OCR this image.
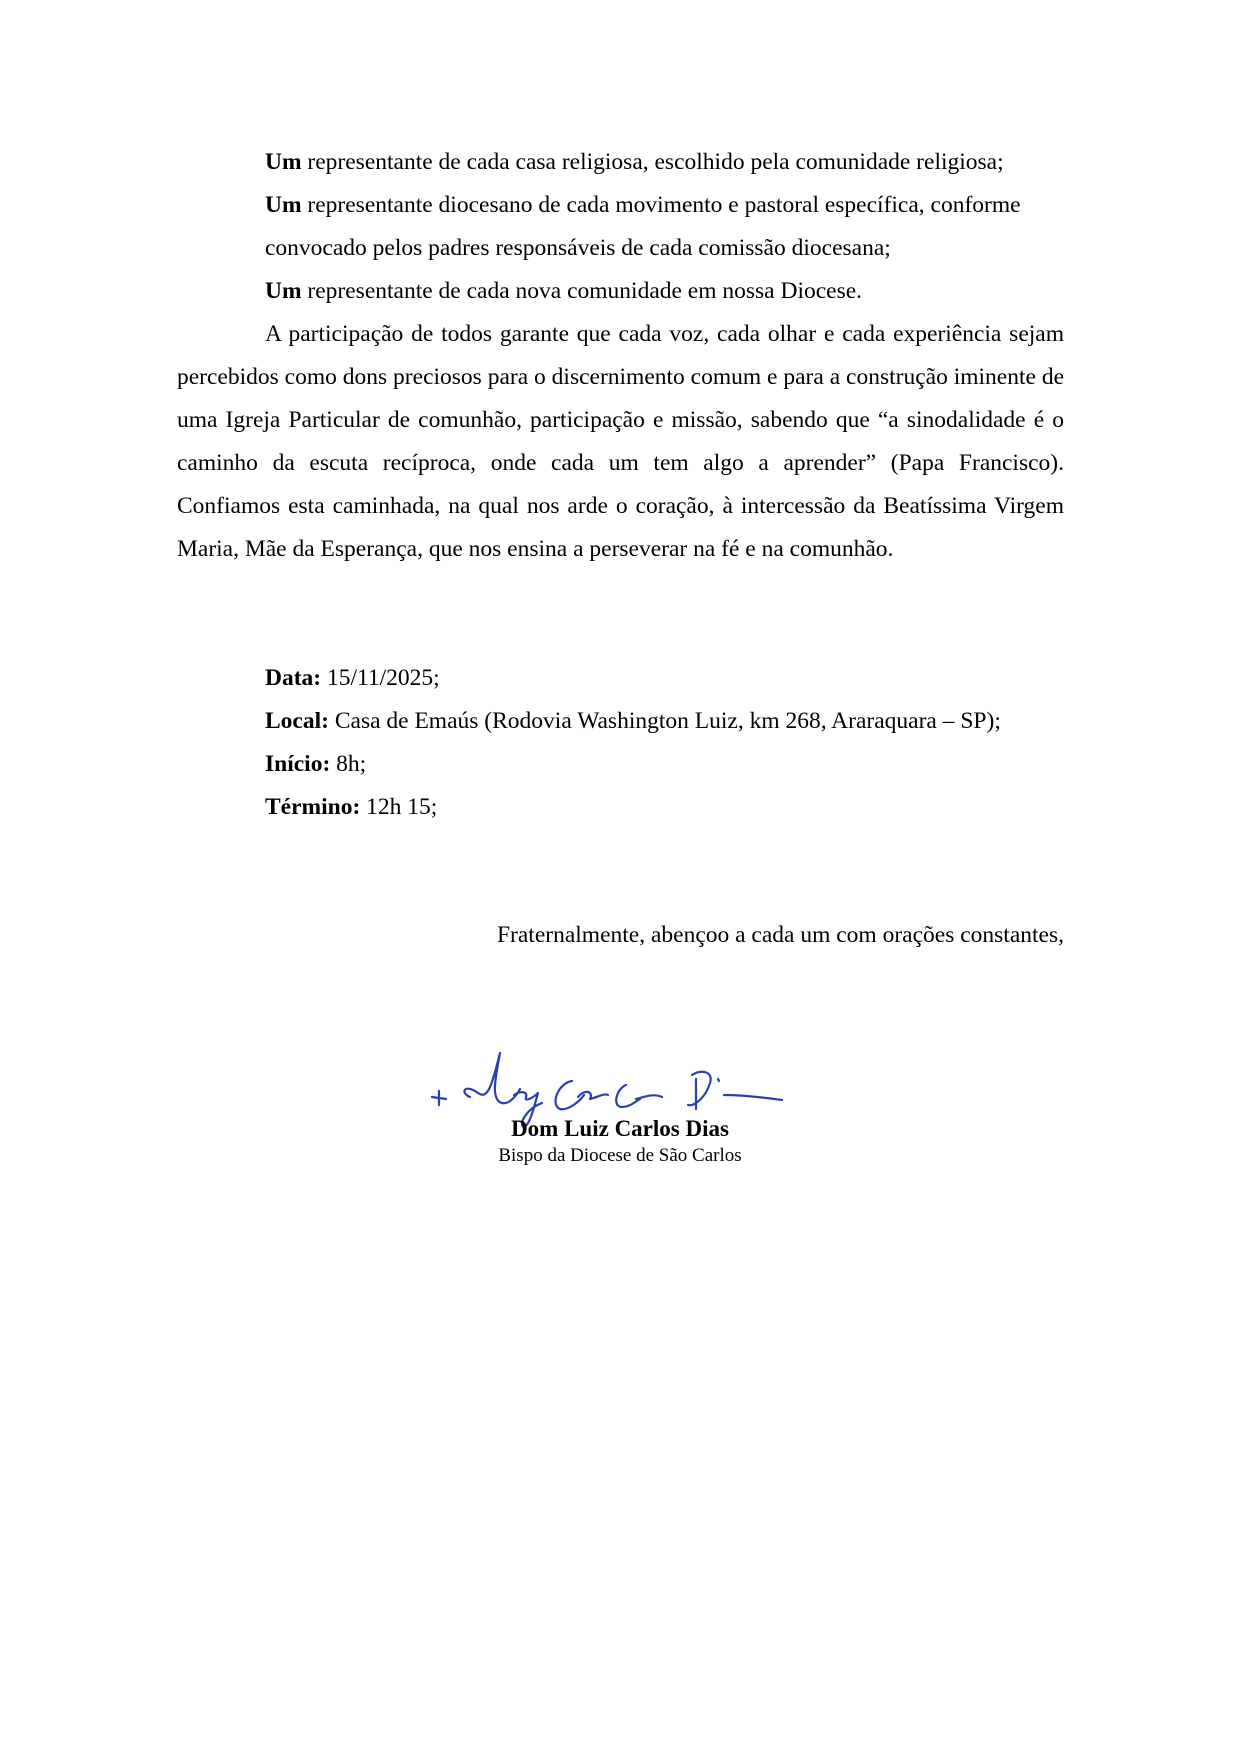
Um representante de cada casa religiosa, escolhido pela comunidade religiosa;

Um representante diocesano de cada movimento e pastoral específica, conforme

convocado pelos padres responsáveis de cada comissão diocesana;

Um representante de cada nova comunidade em nossa Diocese.

A participação de todos garante que cada voz, cada olhar e cada experiência sejam percebidos como dons preciosos para o discernimento comum e para a construção iminente de uma Igreja Particular de comunhão, participação e missão, sabendo que “a sinodalidade é o caminho da escuta recíproca, onde cada um tem algo a aprender” (Papa Francisco). Confiamos esta caminhada, na qual nos arde o coração, à intercessão da Beatíssima Virgem Maria, Mãe da Esperança, que nos ensina a perseverar na fé e na comunhão.

Data: 15/11/2025;

Local: Casa de Emaús (Rodovia Washington Luiz, km 268, Araraquara – SP);

Início: 8h;

Término: 12h 15;

Fraternalmente, abençoo a cada um com orações constantes,
Dom Luiz Carlos Dias
Bispo da Diocese de São Carlos
